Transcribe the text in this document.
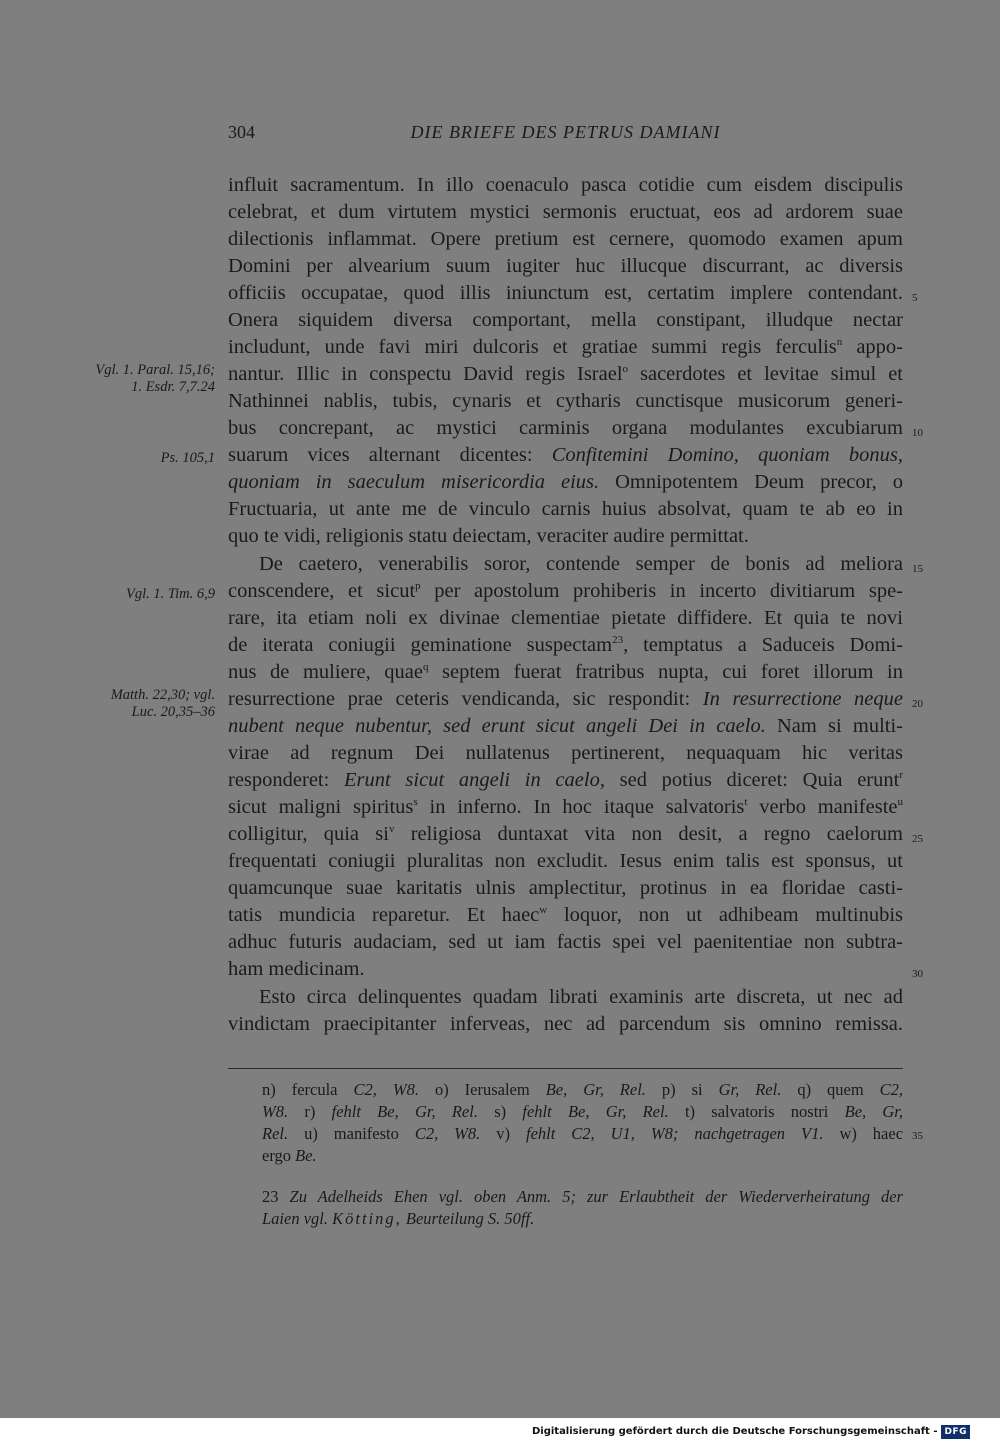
304	DIE BRIEFE DES PETRUS DAMIANI
influit sacramentum. In illo coenaculo pasca cotidie cum eisdem discipulis
celebrat, et dum virtutem mystici sermonis eructuat, eos ad ardorem suae
dilectionis inflammat. Opere pretium est cernere, quomodo examen apum
Domini per alvearium suum iugiter huc illucque discurrant, ac diversis
officiis occupatae, quod illis iniunctum est, certatim implere contendant.
Onera siquidem diversa comportant, mella constipant, illudque nectar
includunt, unde favi miri dulcoris et gratiae summi regis ferculis$^n$ appo-
nantur. Illic in conspectu David regis Israel$^o$ sacerdotes et levitae simul et
Nathinnei nablis, tubis, cynaris et cytharis cunctisque musicorum generi-
bus concrepant, ac mystici carminis organa modulantes excubiarum
suarum vices alternant dicentes: Confitemini Domino, quoniam bonus,
quoniam in saeculum misericordia eius. Omnipotentem Deum precor, o
Fructuaria, ut ante me de vinculo carnis huius absolvat, quam te ab eo in
quo te vidi, religionis statu deiectam, veraciter audire permittat.
De caetero, venerabilis soror, contende semper de bonis ad meliora
conscendere, et sicut$^p$ per apostolum prohiberis in incerto divitiarum spe-
rare, ita etiam noli ex divinae clementiae pietate diffidere. Et quia te novi
de iterata coniugii geminatione suspectam$^{23}$, temptatus a Saduceis Domi-
nus de muliere, quae$^q$ septem fuerat fratribus nupta, cui foret illorum in
resurrectione prae ceteris vendicanda, sic respondit: In resurrectione neque
nubent neque nubentur, sed erunt sicut angeli Dei in caelo. Nam si multi-
virae ad regnum Dei nullatenus pertinerent, nequaquam hic veritas
responderet: Erunt sicut angeli in caelo, sed potius diceret: Quia erunt$^r$
sicut maligni spiritus$^s$ in inferno. In hoc itaque salvatoris$^t$ verbo manifeste$^u$
colligitur, quia $si^v$ religiosa duntaxat vita non desit, a regno caelorum
frequentati coniugii pluralitas non excludit. Iesus enim talis est sponsus, ut
quamcunque suae karitatis ulnis amplectitur, protinus in ea floridae casti-
tatis mundicia reparetur. Et haec$^w$ loquor, non ut adhibeam multinubis
adhuc futuris audaciam, sed ut iam factis spei vel paenitentiae non subtra-
ham medicinam.
Esto circa delinquentes quadam librati examinis arte discreta, ut nec ad
vindictam praecipitanter inferveas, nec ad parcendum sis omnino remissa.
Vgl. 1. Paral. 15,16;
1. Esdr. 7,7.24
Ps. 105,1
Vgl. 1. Tim. 6,9
Matth. 22,30; vgl.
Luc. 20,35–36
5
10
15
20
25
30
35
n) fercula C2, W8. o) Ierusalem Be, Gr, Rel. p) si Gr, Rel. q) quem C2,
W8. r) fehlt Be, Gr, Rel. s) fehlt Be, Gr, Rel. t) salvatoris nostri Be, Gr,
Rel. u) manifesto C2, W8. v) fehlt C2, U1, W8; nachgetragen V1. w) haec
ergo Be.
23 Zu Adelheids Ehen vgl. oben Anm. 5; zur Erlaubtheit der Wiederverheiratung der
Laien vgl. Kötting, Beurteilung S. 50ff.
Digitalisierung gefördert durch die Deutsche Forschungsgemeinschaft - DFG
